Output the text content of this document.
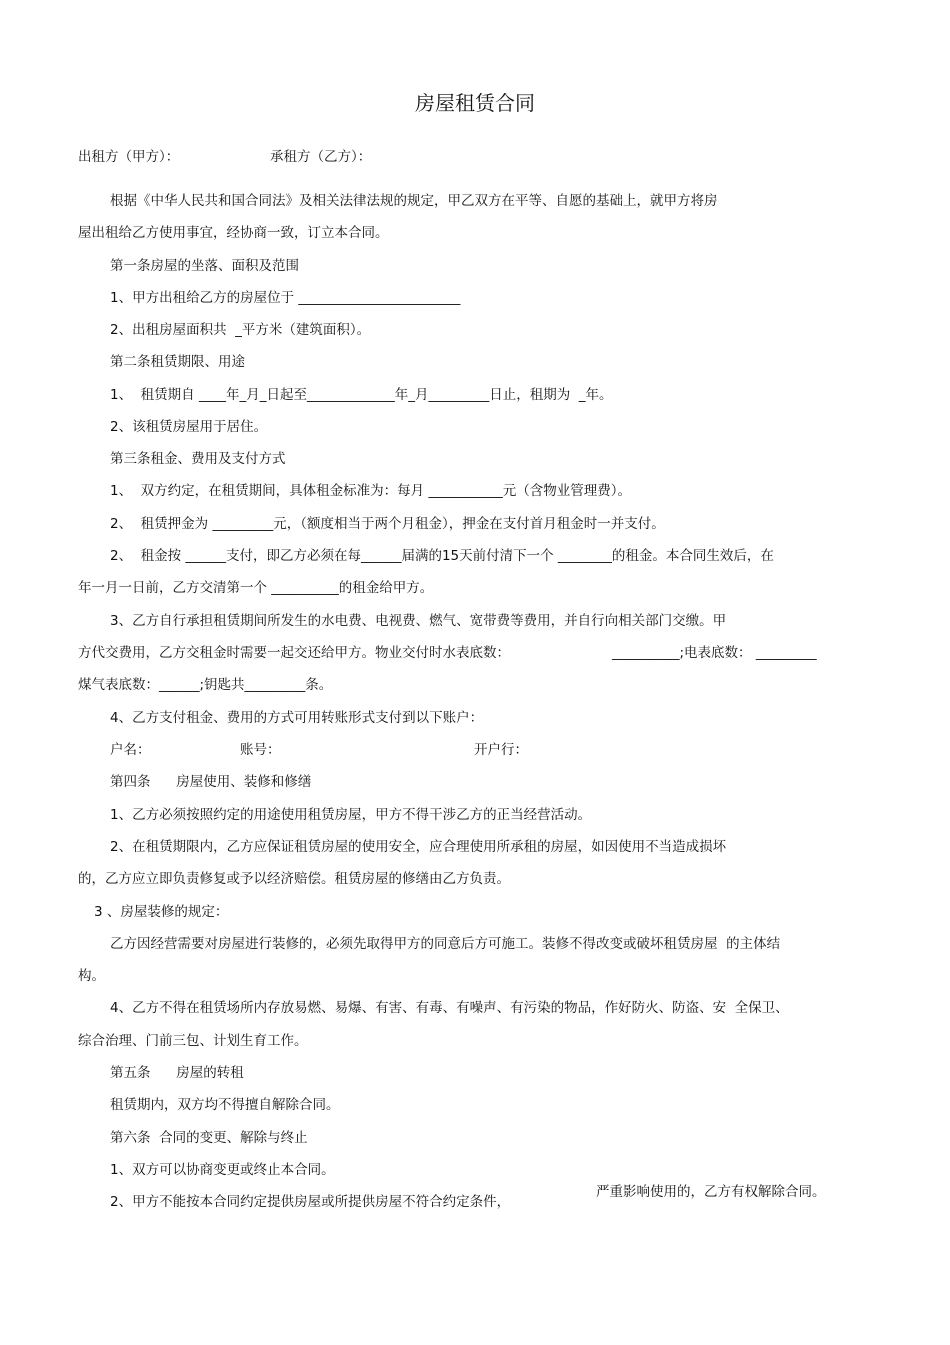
房屋租赁合同
出租方（甲方）：	承租方（乙方）：
根据《中华人民共和国合同法》及相关法律法规的规定，甲乙双方在平等、自愿的基础上，就甲方将房
屋出租给乙方使用事宜，经协商一致，订立本合同。
第一条房屋的坐落、面积及范围
1、甲方出租给乙方的房屋位于 ________________________
2、出租房屋面积共  _平方米（建筑面积）。
第二条租赁期限、用途
1、  租赁期自 ____年_月_日起至_____________年_月_________日止，租期为  _年。
2、该租赁房屋用于居住。
第三条租金、费用及支付方式
1、  双方约定，在租赁期间，具体租金标准为：每月 ___________元（含物业管理费）。
2、  租赁押金为 _________元，（额度相当于两个月租金），押金在支付首月租金时一并支付。
2、  租金按 ______支付，即乙方必须在每______届满的15天前付清下一个 ________的租金。本合同生效后，在
年一月一日前，乙方交清第一个 __________的租金给甲方。
3、乙方自行承担租赁期间所发生的水电费、电视费、燃气、宽带费等费用，并自行向相关部门交缴。甲
方代交费用，乙方交租金时需要一起交还给甲方。物业交付时水表底数：	__________;电表底数： _________
煤气表底数：______;钥匙共_________条。
4、乙方支付租金、费用的方式可用转账形式支付到以下账户：
户名：	账号：	开户行：
第四条      房屋使用、装修和修缮
1、乙方必须按照约定的用途使用租赁房屋，甲方不得干涉乙方的正当经营活动。
2、在租赁期限内，乙方应保证租赁房屋的使用安全，应合理使用所承租的房屋，如因使用不当造成损坏
的，乙方应立即负责修复或予以经济赔偿。租赁房屋的修缮由乙方负责。
3 、房屋装修的规定：
乙方因经营需要对房屋进行装修的，必须先取得甲方的同意后方可施工。装修不得改变或破坏租赁房屋  的主体结
构。
4、乙方不得在租赁场所内存放易燃、易爆、有害、有毒、有噪声、有污染的物品，作好防火、防盗、安  全保卫、
综合治理、门前三包、计划生育工作。
第五条      房屋的转租
租赁期内，双方均不得擅自解除合同。
第六条  合同的变更、解除与终止
1、双方可以协商变更或终止本合同。
2、甲方不能按本合同约定提供房屋或所提供房屋不符合约定条件，
严重影响使用的，乙方有权解除合同。
